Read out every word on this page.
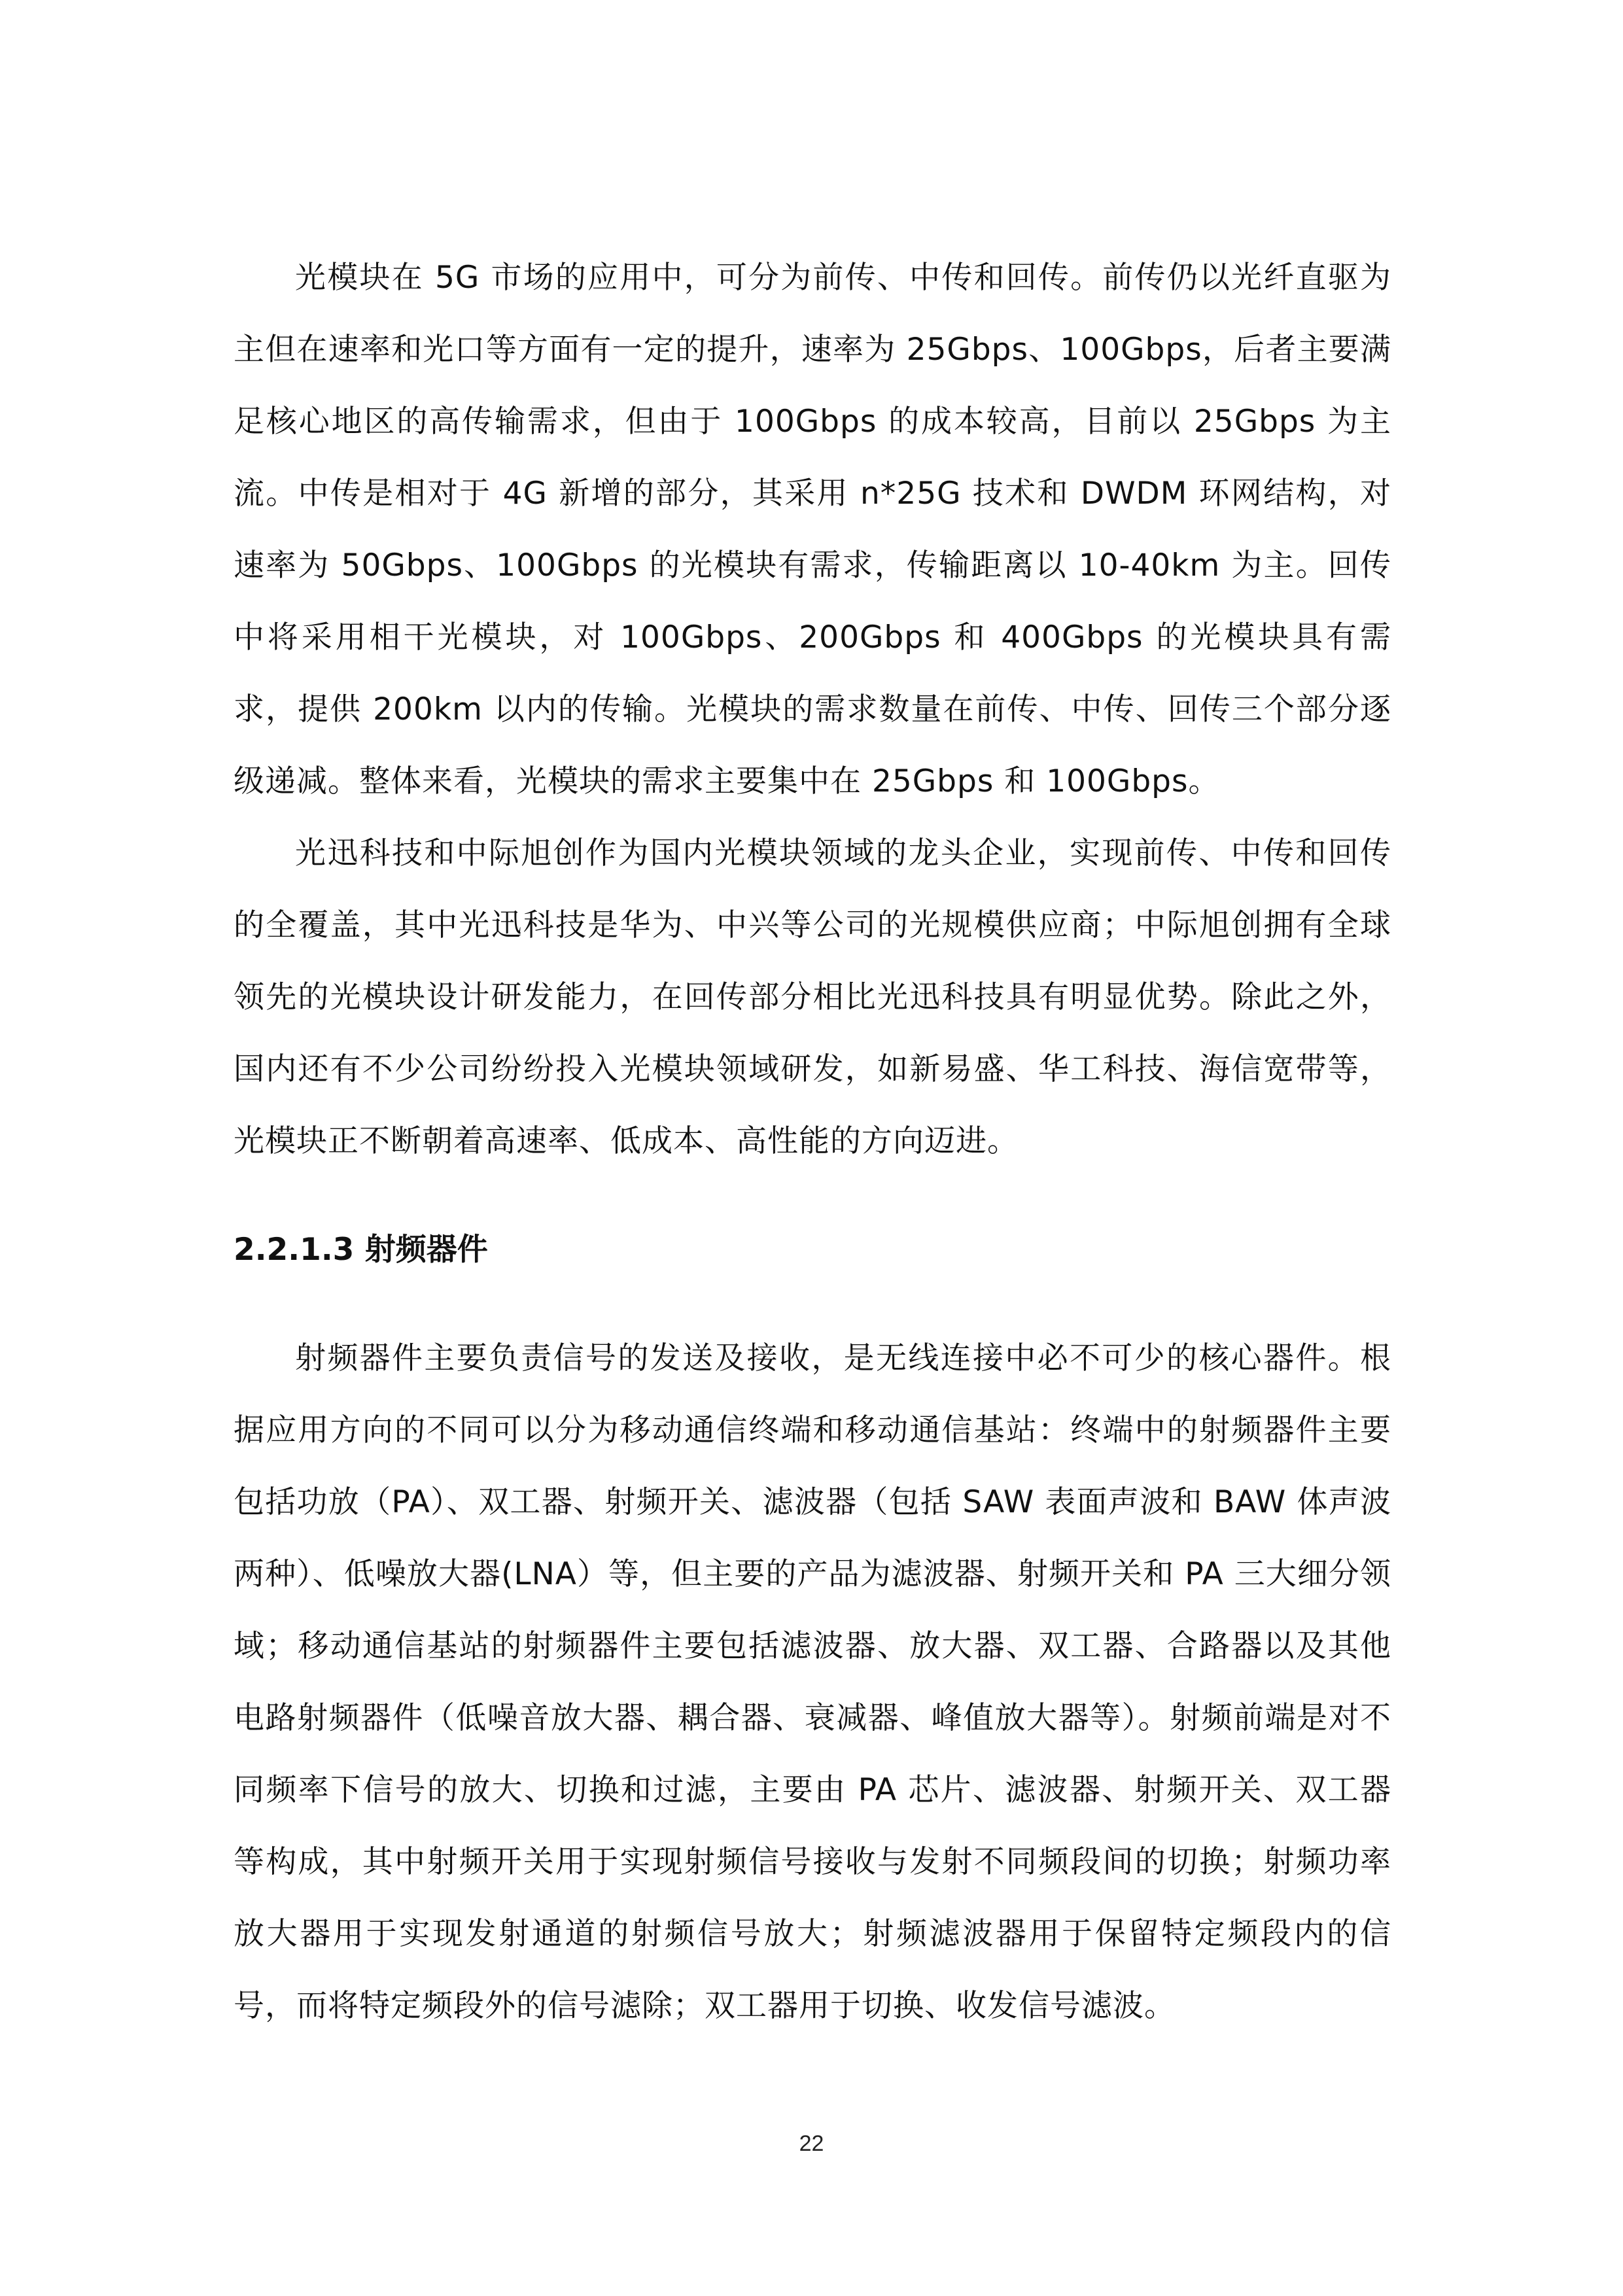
光模块在 5G 市场的应用中，可分为前传、中传和回传。前传仍以光纤直驱为主但在速率和光口等方面有一定的提升，速率为 25Gbps、100Gbps，后者主要满足核心地区的高传输需求，但由于 100Gbps 的成本较高，目前以 25Gbps 为主流。中传是相对于 4G 新增的部分，其采用 n*25G 技术和 DWDM 环网结构，对速率为 50Gbps、100Gbps 的光模块有需求，传输距离以 10-40km 为主。回传中将采用相干光模块，对 100Gbps、200Gbps 和 400Gbps 的光模块具有需求，提供 200km 以内的传输。光模块的需求数量在前传、中传、回传三个部分逐级递减。整体来看，光模块的需求主要集中在 25Gbps 和 100Gbps。

光迅科技和中际旭创作为国内光模块领域的龙头企业，实现前传、中传和回传的全覆盖，其中光迅科技是华为、中兴等公司的光规模供应商；中际旭创拥有全球领先的光模块设计研发能力，在回传部分相比光迅科技具有明显优势。除此之外，国内还有不少公司纷纷投入光模块领域研发，如新易盛、华工科技、海信宽带等，光模块正不断朝着高速率、低成本、高性能的方向迈进。

2.2.1.3 射频器件

射频器件主要负责信号的发送及接收，是无线连接中必不可少的核心器件。根据应用方向的不同可以分为移动通信终端和移动通信基站：终端中的射频器件主要包括功放（PA）、双工器、射频开关、滤波器（包括 SAW 表面声波和 BAW 体声波两种）、低噪放大器(LNA）等，但主要的产品为滤波器、射频开关和 PA 三大细分领域；移动通信基站的射频器件主要包括滤波器、放大器、双工器、合路器以及其他电路射频器件（低噪音放大器、耦合器、衰减器、峰值放大器等）。射频前端是对不同频率下信号的放大、切换和过滤，主要由 PA 芯片、滤波器、射频开关、双工器等构成，其中射频开关用于实现射频信号接收与发射不同频段间的切换；射频功率放大器用于实现发射通道的射频信号放大；射频滤波器用于保留特定频段内的信号，而将特定频段外的信号滤除；双工器用于切换、收发信号滤波。

22
